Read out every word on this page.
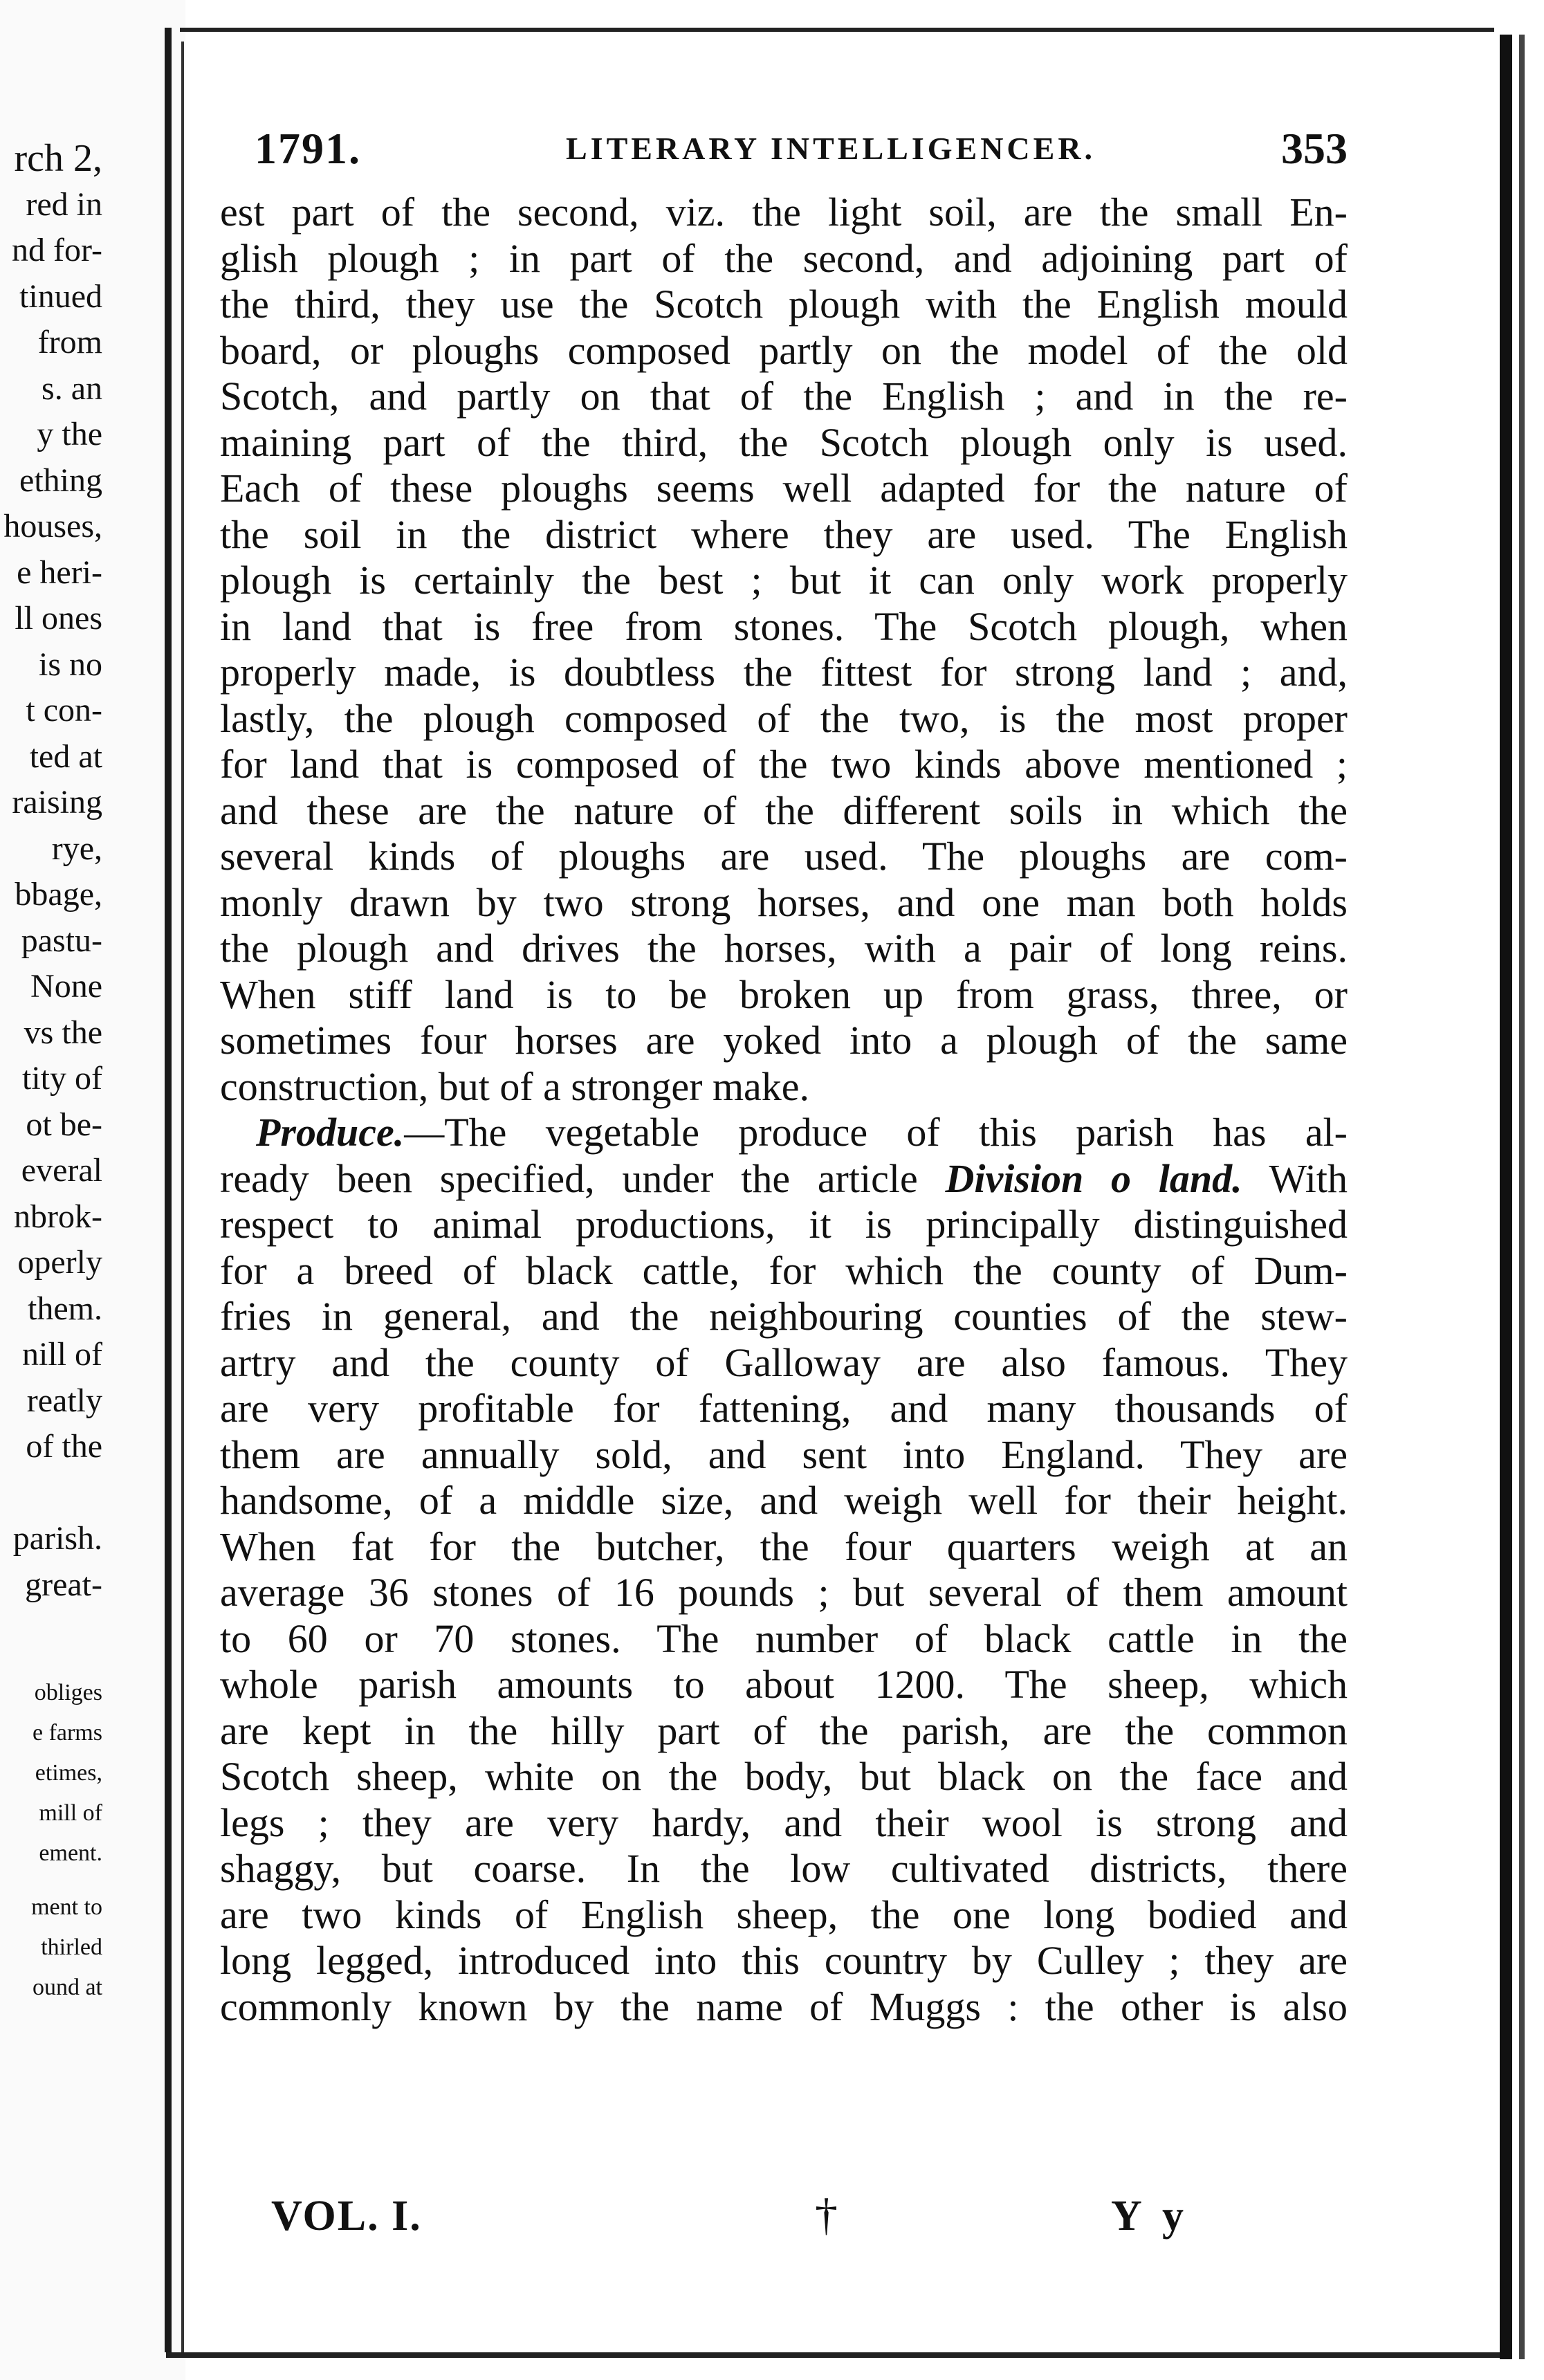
rch 2,
red in
nd for-
tinued
from
s. an
y the
ething
houses,
e heri-
ll ones
is no
t con-
ted at
raising
rye,
bbage,
pastu-
None
vs the
tity of
ot be-
everal
nbrok-
operly
them.
nill of
reatly
of the
parish.
great-
obliges
e farms
etimes,
mill of
ement.
ment to
thirled
ound at
1791.	LITERARY INTELLIGENCER.	353
est part of the second, viz. the light soil, are the small En-
glish plough ; in part of the second, and adjoining part of
the third, they use the Scotch plough with the English mould
board, or ploughs composed partly on the model of the old
Scotch, and partly on that of the English ; and in the re-
maining part of the third, the Scotch plough only is used.
Each of these ploughs seems well adapted for the nature of
the soil in the district where they are used. The English
plough is certainly the best ; but it can only work properly
in land that is free from stones. The Scotch plough, when
properly made, is doubtless the fittest for strong land ; and,
lastly, the plough composed of the two, is the most proper
for land that is composed of the two kinds above mentioned ;
and these are the nature of the different soils in which the
several kinds of ploughs are used. The ploughs are com-
monly drawn by two strong horses, and one man both holds
the plough and drives the horses, with a pair of long reins.
When stiff land is to be broken up from grass, three, or
sometimes four horses are yoked into a plough of the same
construction, but of a stronger make.
Produce.—The vegetable produce of this parish has al-
ready been specified, under the article Division o land. With
respect to animal productions, it is principally distinguished
for a breed of black cattle, for which the county of Dum-
fries in general, and the neighbouring counties of the stew-
artry and the county of Galloway are also famous. They
are very profitable for fattening, and many thousands of
them are annually sold, and sent into England. They are
handsome, of a middle size, and weigh well for their height.
When fat for the butcher, the four quarters weigh at an
average 36 stones of 16 pounds ; but several of them amount
to 60 or 70 stones. The number of black cattle in the
whole parish amounts to about 1200. The sheep, which
are kept in the hilly part of the parish, are the common
Scotch sheep, white on the body, but black on the face and
legs ; they are very hardy, and their wool is strong and
shaggy, but coarse. In the low cultivated districts, there
are two kinds of English sheep, the one long bodied and
long legged, introduced into this country by Culley ; they are
commonly known by the name of Muggs : the other is also
VOL. I.	†	Y y
